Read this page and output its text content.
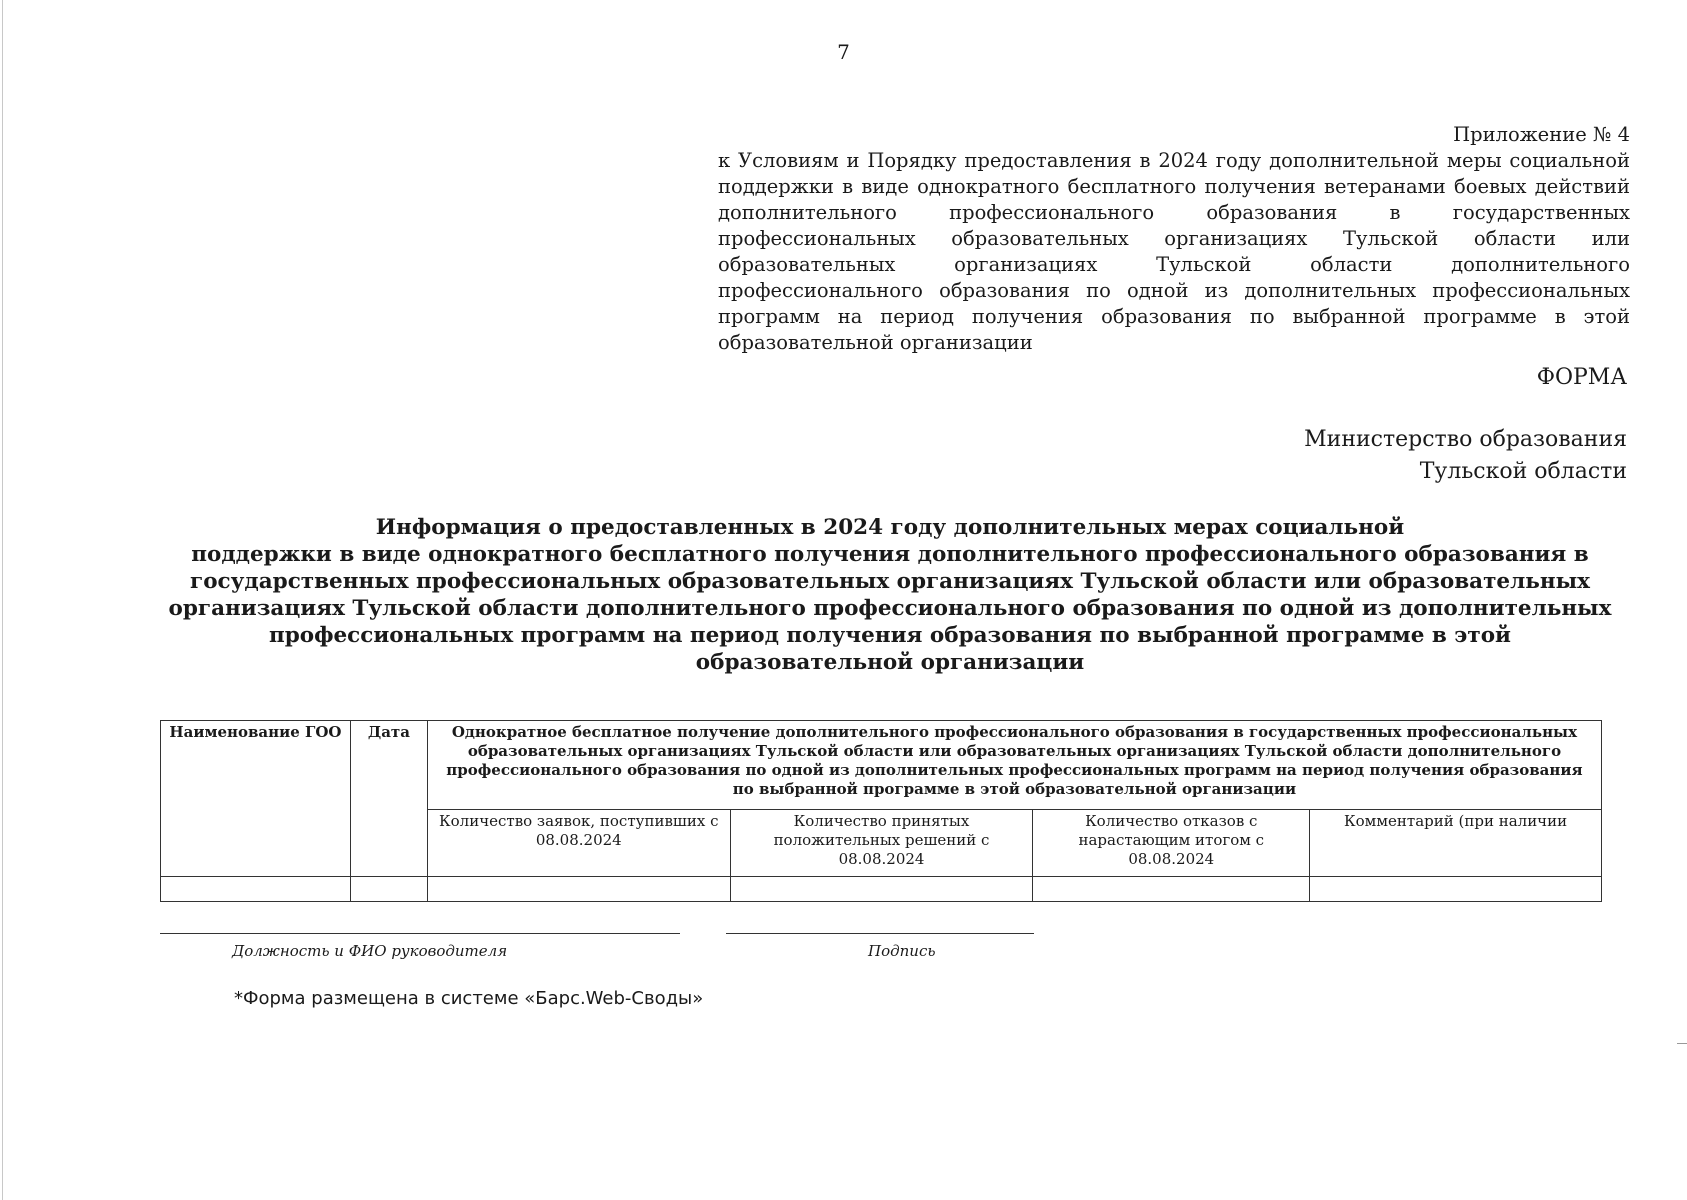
7
Приложение № 4
к Условиям и Порядку предоставления в 2024 году дополнительной меры социальной поддержки в виде однократного бесплатного получения ветеранами боевых действий дополнительного профессионального образования в государственных профессиональных образовательных организациях Тульской области или образовательных организациях Тульской области дополнительного профессионального образования по одной из дополнительных профессиональных программ на период получения образования по выбранной программе в этой образовательной организации
ФОРМА
Министерство образования
Тульской области
Информация о предоставленных в 2024 году дополнительных мерах социальной
поддержки в виде однократного бесплатного получения дополнительного профессионального образования в
государственных профессиональных образовательных организациях Тульской области или образовательных
организациях Тульской области дополнительного профессионального образования по одной из дополнительных
профессиональных программ на период получения образования по выбранной программе в этой
образовательной организации
Наименование ГОО	Дата	Однократное бесплатное получение дополнительного профессионального образования в государственных профессиональных образовательных организациях Тульской области или образовательных организациях Тульской области дополнительного профессионального образования по одной из дополнительных профессиональных программ на период получения образования по выбранной программе в этой образовательной организации			
		Количество заявок, поступивших с 08.08.2024	Количество принятых положительных решений с 08.08.2024	Количество отказов с нарастающим итогом с 08.08.2024	Комментарий (при наличии

Должность и ФИО руководителя	Подпись
*Форма размещена в системе «Барс.Web-Своды»
